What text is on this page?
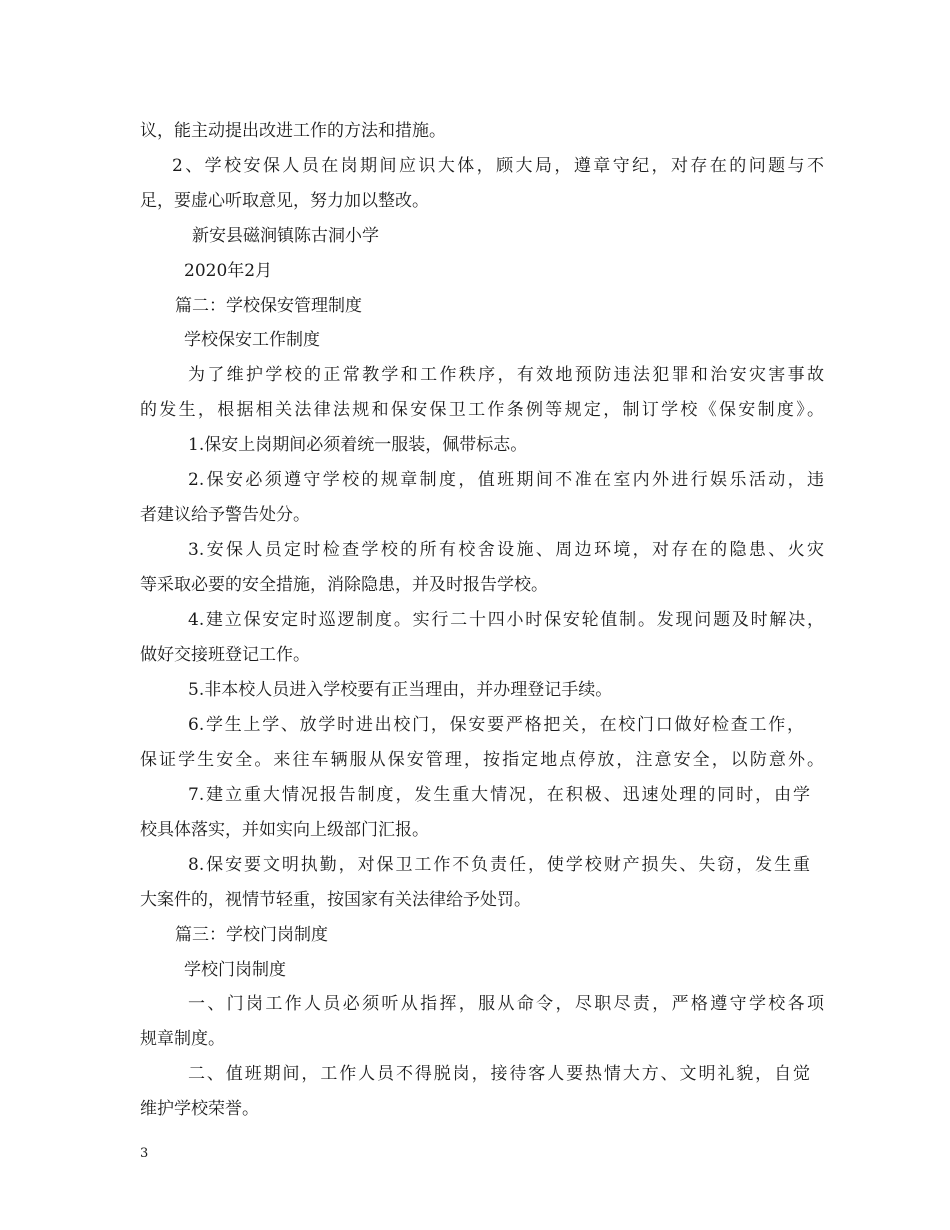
议，能主动提出改进工作的方法和措施。
2、学校安保人员在岗期间应识大体，顾大局，遵章守纪，对存在的问题与不
足，要虚心听取意见，努力加以整改。
新安县磁涧镇陈古洞小学
2020年2月
篇二：学校保安管理制度
学校保安工作制度
为了维护学校的正常教学和工作秩序，有效地预防违法犯罪和治安灾害事故
的发生，根据相关法律法规和保安保卫工作条例等规定，制订学校《保安制度》。
1.保安上岗期间必须着统一服装，佩带标志。
2.保安必须遵守学校的规章制度，值班期间不准在室内外进行娱乐活动，违
者建议给予警告处分。
3.安保人员定时检查学校的所有校舍设施、周边环境，对存在的隐患、火灾
等采取必要的安全措施，消除隐患，并及时报告学校。
4.建立保安定时巡逻制度。实行二十四小时保安轮值制。发现问题及时解决，
做好交接班登记工作。
5.非本校人员进入学校要有正当理由，并办理登记手续。
6.学生上学、放学时进出校门，保安要严格把关，在校门口做好检查工作，
保证学生安全。来往车辆服从保安管理，按指定地点停放，注意安全，以防意外。
7.建立重大情况报告制度，发生重大情况，在积极、迅速处理的同时，由学
校具体落实，并如实向上级部门汇报。
8.保安要文明执勤，对保卫工作不负责任，使学校财产损失、失窃，发生重
大案件的，视情节轻重，按国家有关法律给予处罚。
篇三：学校门岗制度
学校门岗制度
一、门岗工作人员必须听从指挥，服从命令，尽职尽责，严格遵守学校各项
规章制度。
二、值班期间，工作人员不得脱岗，接待客人要热情大方、文明礼貌，自觉
维护学校荣誉。
3
